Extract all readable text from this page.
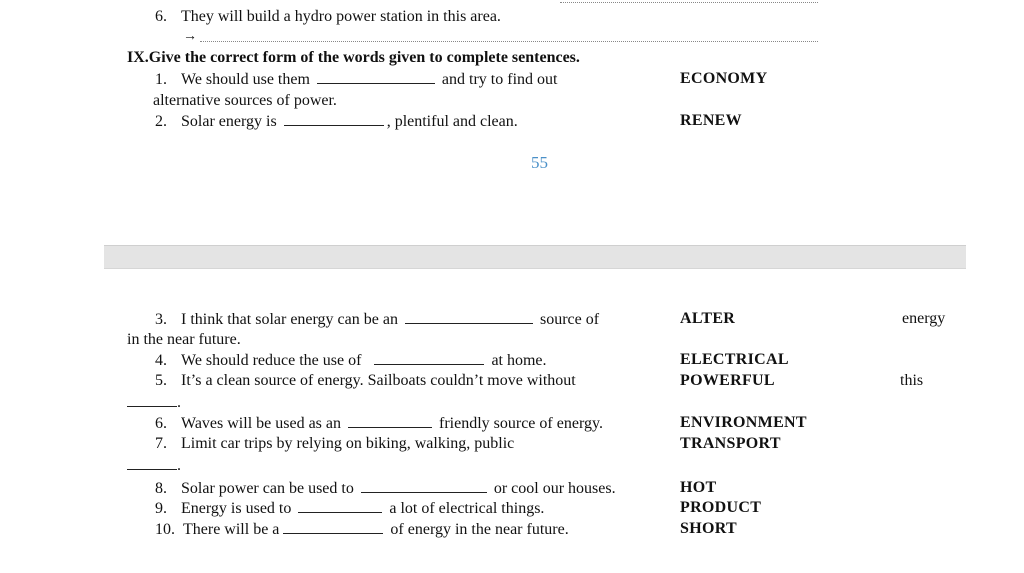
6. They will build a hydro power station in this area.
→
IX.Give the correct form of the words given to complete sentences.
1. We should use them	and try to find out	ECONOMY
alternative sources of power.
2. Solar energy is	, plentiful and clean.	RENEW
55
3. I think that solar energy can be an	source of	ALTER	energy
in the near future.
4. We should reduce the use of	at home.	ELECTRICAL
5. It’s a clean source of energy. Sailboats couldn’t move without	POWERFUL	this
.
6. Waves will be used as an	friendly source of energy.	ENVIRONMENT
7. Limit car trips by relying on biking, walking, public	TRANSPORT
.
8. Solar power can be used to	or cool our houses.	HOT
9. Energy is used to	a lot of electrical things.	PRODUCT
10. There will be a	of energy in the near future.	SHORT
